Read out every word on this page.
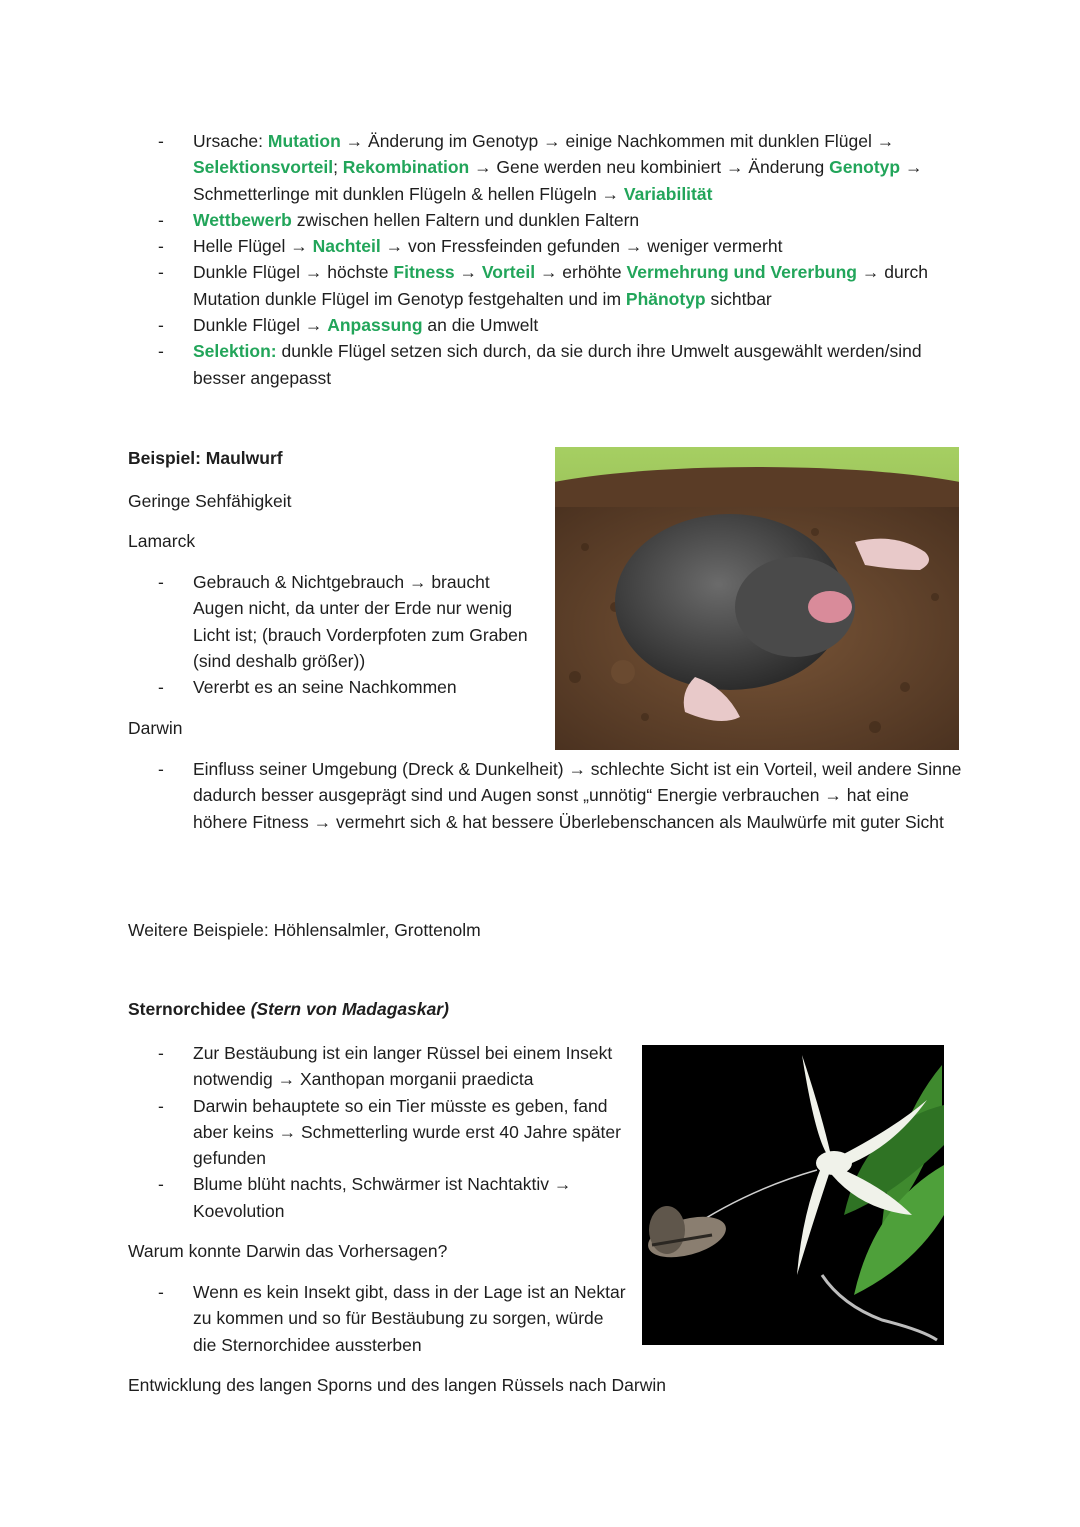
- Ursache: Mutation → Änderung im Genotyp → einige Nachkommen mit dunklen Flügel → Selektionsvorteil; Rekombination → Gene werden neu kombiniert → Änderung Genotyp → Schmetterlinge mit dunklen Flügeln & hellen Flügeln → Variabilität
- Wettbewerb zwischen hellen Faltern und dunklen Faltern
- Helle Flügel → Nachteil → von Fressfeinden gefunden → weniger vermerht
- Dunkle Flügel → höchste Fitness → Vorteil → erhöhte Vermehrung und Vererbung → durch Mutation dunkle Flügel im Genotyp festgehalten und im Phänotyp sichtbar
- Dunkle Flügel → Anpassung an die Umwelt
- Selektion: dunkle Flügel setzen sich durch, da sie durch ihre Umwelt ausgewählt werden/sind besser angepasst
Beispiel: Maulwurf
Geringe Sehfähigkeit
Lamarck
- Gebrauch & Nichtgebrauch → braucht Augen nicht, da unter der Erde nur wenig Licht ist; (brauch Vorderpfoten zum Graben (sind deshalb größer))
- Vererbt es an seine Nachkommen
Darwin
- Einfluss seiner Umgebung (Dreck & Dunkelheit) → schlechte Sicht ist ein Vorteil, weil andere Sinne dadurch besser ausgeprägt sind und Augen sonst „unnötig“ Energie verbrauchen → hat eine höhere Fitness → vermehrt sich & hat bessere Überlebenschancen als Maulwürfe mit guter Sicht
Weitere Beispiele: Höhlensalmler, Grottenolm
Sternorchidee (Stern von Madagaskar)
- Zur Bestäubung ist ein langer Rüssel bei einem Insekt notwendig → Xanthopan morganii praedicta
- Darwin behauptete so ein Tier müsste es geben, fand aber keins → Schmetterling wurde erst 40 Jahre später gefunden
- Blume blüht nachts, Schwärmer ist Nachtaktiv → Koevolution
Warum konnte Darwin das Vorhersagen?
- Wenn es kein Insekt gibt, dass in der Lage ist an Nektar zu kommen und so für Bestäubung zu sorgen, würde die Sternorchidee aussterben
Entwicklung des langen Sporns und des langen Rüssels nach Darwin
